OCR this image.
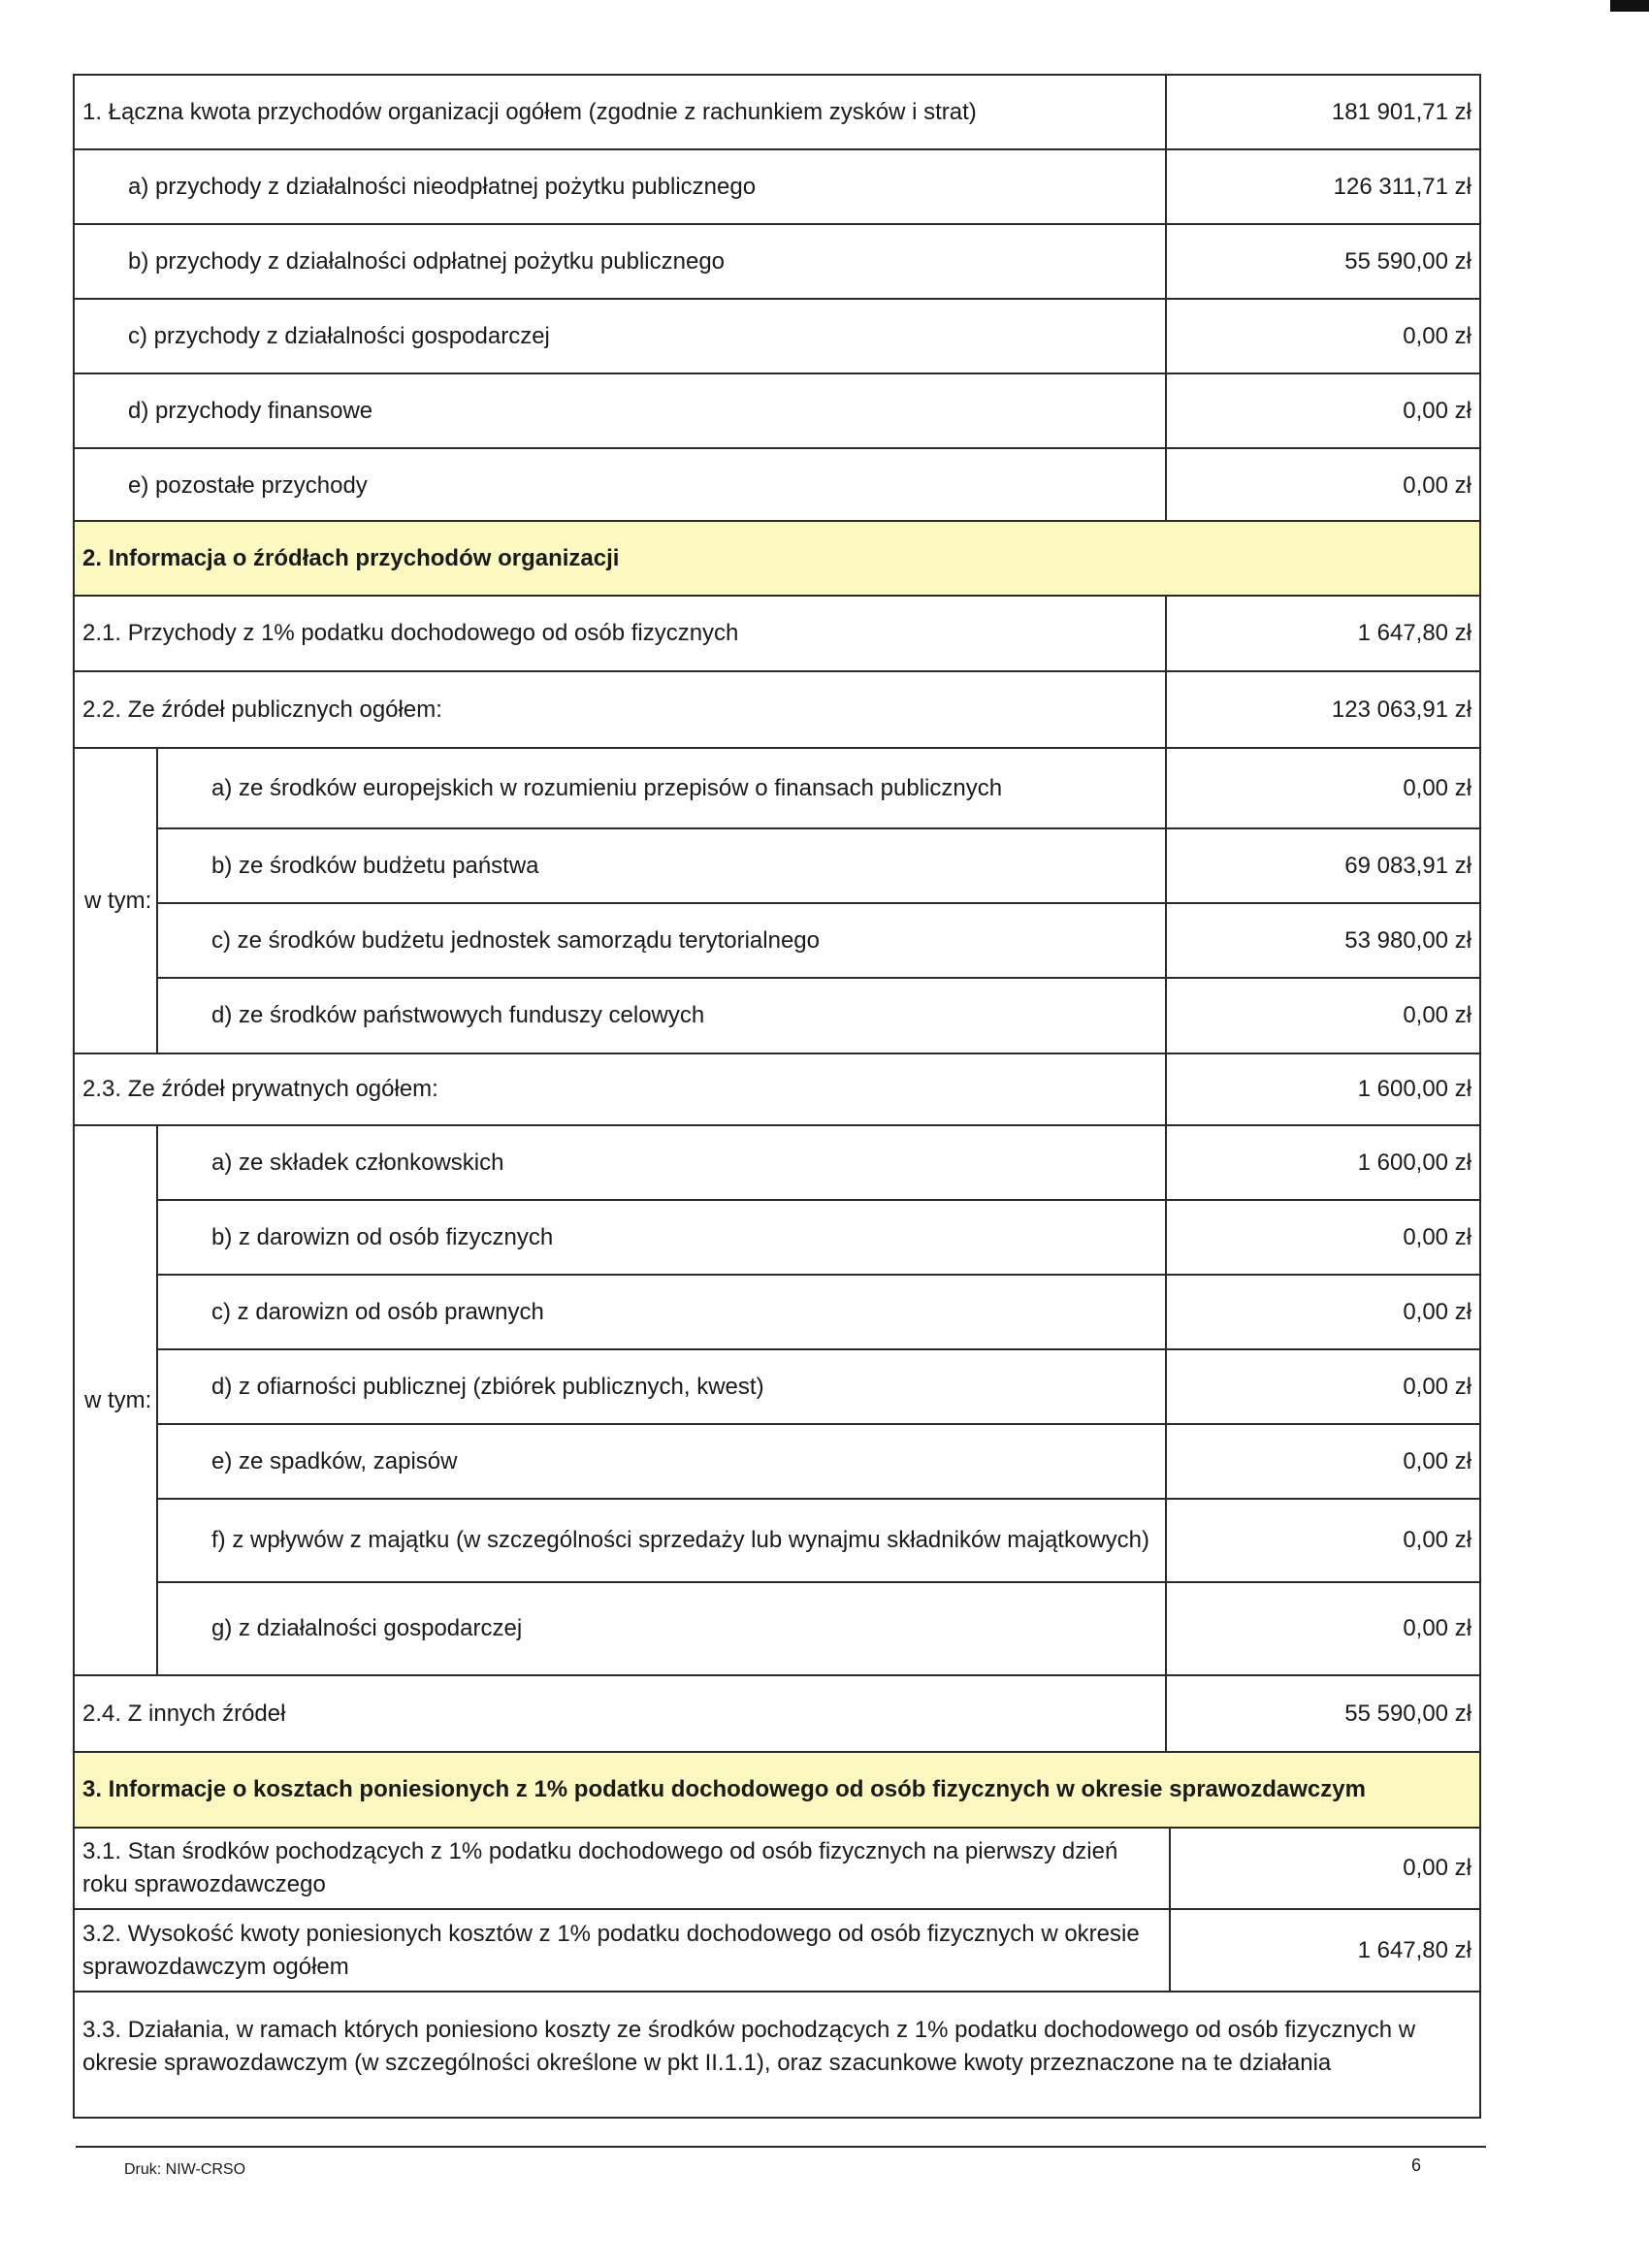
1. Łączna kwota przychodów organizacji ogółem (zgodnie z rachunkiem zysków i strat)	181 901,71 zł
a) przychody z działalności nieodpłatnej pożytku publicznego	126 311,71 zł
b) przychody z działalności odpłatnej pożytku publicznego	55 590,00 zł
c) przychody z działalności gospodarczej	0,00 zł
d) przychody finansowe	0,00 zł
e) pozostałe przychody	0,00 zł
2. Informacja o źródłach przychodów organizacji		
2.1. Przychody z 1% podatku dochodowego od osób fizycznych		1 647,80 zł
2.2. Ze źródeł publicznych ogółem:		123 063,91 zł
w tym:	a) ze środków europejskich w rozumieniu przepisów o finansach publicznych	0,00 zł
	b) ze środków budżetu państwa	69 083,91 zł
	c) ze środków budżetu jednostek samorządu terytorialnego	53 980,00 zł
	d) ze środków państwowych funduszy celowych	0,00 zł
2.3. Ze źródeł prywatnych ogółem:		1 600,00 zł
w tym:	a) ze składek członkowskich	1 600,00 zł
	b) z darowizn od osób fizycznych	0,00 zł
	c) z darowizn od osób prawnych	0,00 zł
	d) z ofiarności publicznej (zbiórek publicznych, kwest)	0,00 zł
	e) ze spadków, zapisów	0,00 zł
	f) z wpływów z majątku (w szczególności sprzedaży lub wynajmu składników majątkowych)	0,00 zł
	g) z działalności gospodarczej	0,00 zł
2.4. Z innych źródeł		55 590,00 zł
3. Informacje o kosztach poniesionych z 1% podatku dochodowego od osób fizycznych w okresie sprawozdawczym	
3.1. Stan środków pochodzących z 1% podatku dochodowego od osób fizycznych na pierwszy dzień roku sprawozdawczego	0,00 zł
3.2. Wysokość kwoty poniesionych kosztów z 1% podatku dochodowego od osób fizycznych w okresie sprawozdawczym ogółem	1 647,80 zł
3.3. Działania, w ramach których poniesiono koszty ze środków pochodzących z 1% podatku dochodowego od osób fizycznych w okresie sprawozdawczym (w szczególności określone w pkt II.1.1), oraz szacunkowe kwoty przeznaczone na te działania	
Druk: NIW-CRSO	6
